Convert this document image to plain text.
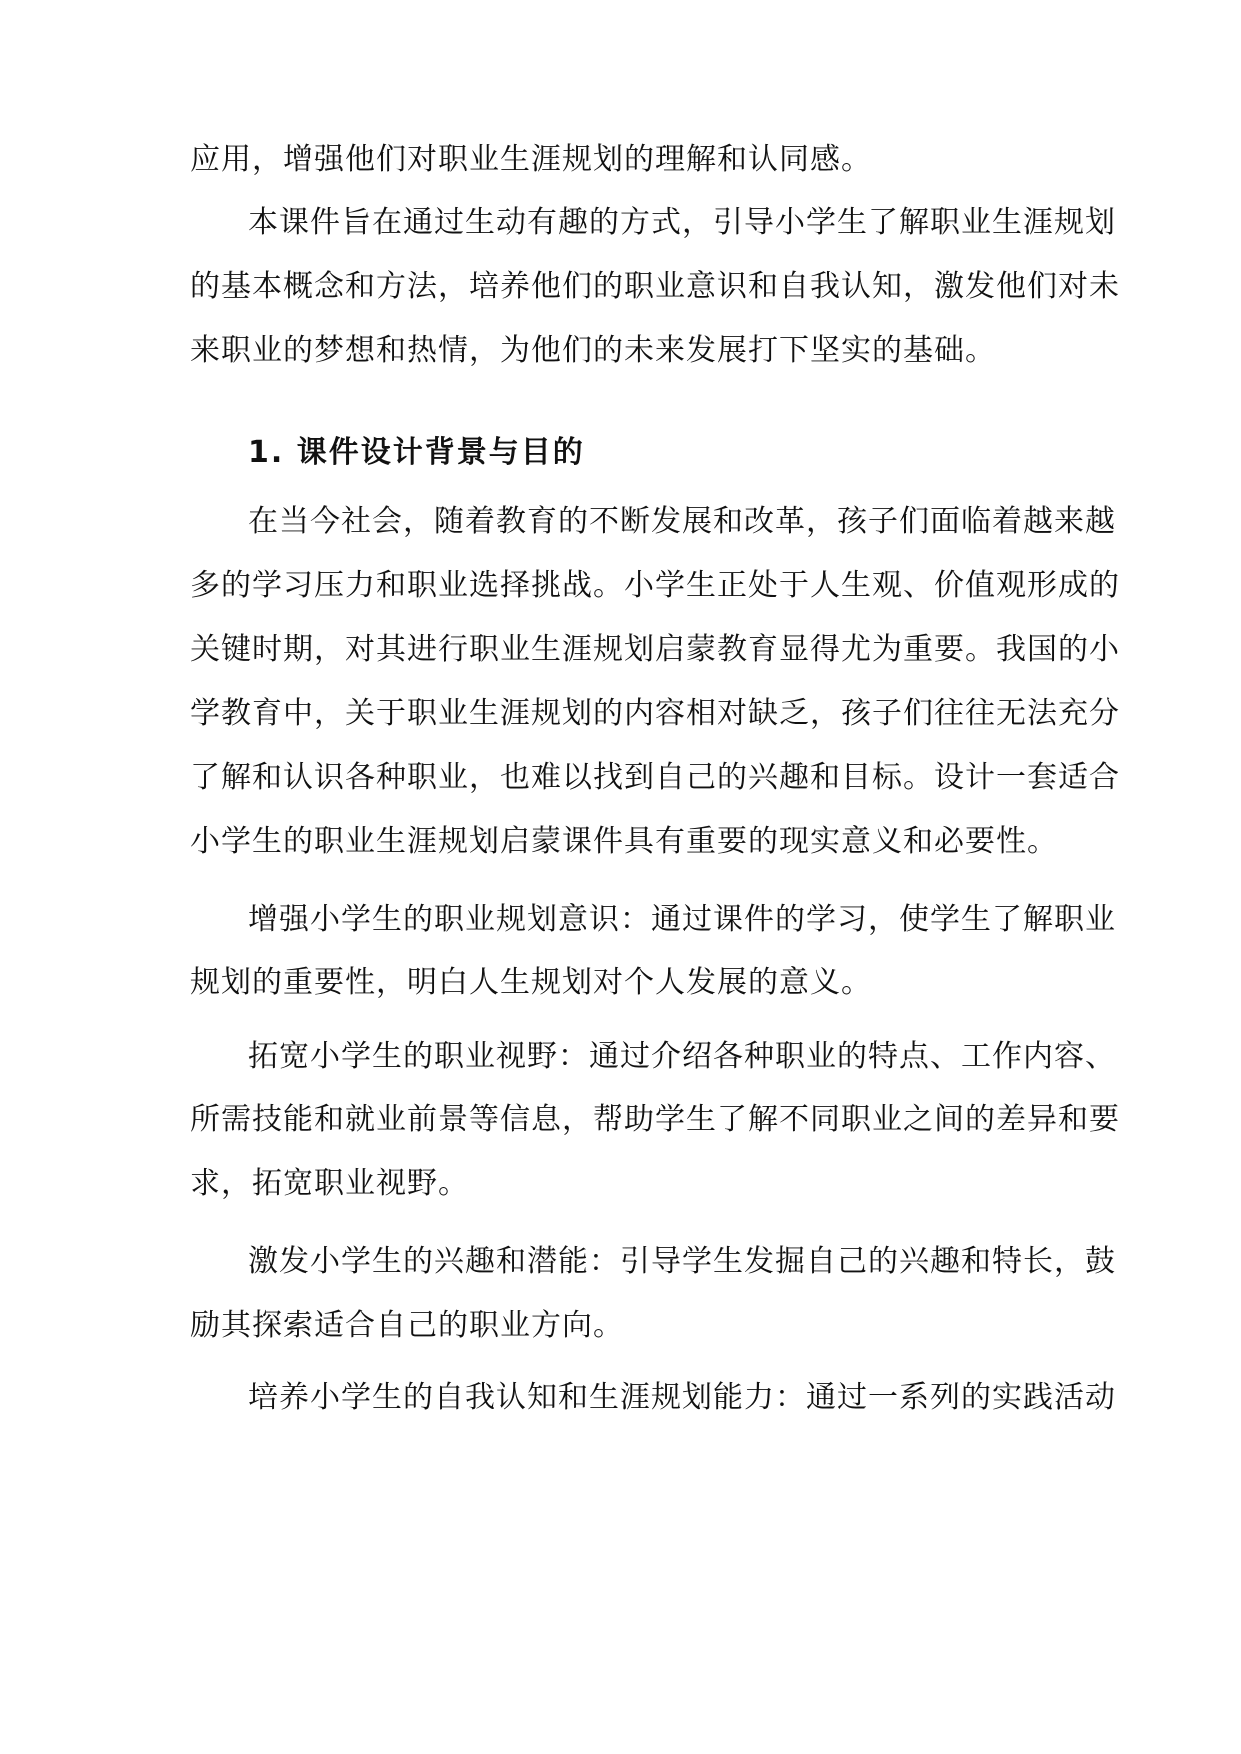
应用，增强他们对职业生涯规划的理解和认同感。
本课件旨在通过生动有趣的方式，引导小学生了解职业生涯规划
的基本概念和方法，培养他们的职业意识和自我认知，激发他们对未
来职业的梦想和热情，为他们的未来发展打下坚实的基础。
1. 课件设计背景与目的
在当今社会，随着教育的不断发展和改革，孩子们面临着越来越
多的学习压力和职业选择挑战。小学生正处于人生观、价值观形成的
关键时期，对其进行职业生涯规划启蒙教育显得尤为重要。我国的小
学教育中，关于职业生涯规划的内容相对缺乏，孩子们往往无法充分
了解和认识各种职业，也难以找到自己的兴趣和目标。设计一套适合
小学生的职业生涯规划启蒙课件具有重要的现实意义和必要性。
增强小学生的职业规划意识：通过课件的学习，使学生了解职业
规划的重要性，明白人生规划对个人发展的意义。
拓宽小学生的职业视野：通过介绍各种职业的特点、工作内容、
所需技能和就业前景等信息，帮助学生了解不同职业之间的差异和要
求，拓宽职业视野。
激发小学生的兴趣和潜能：引导学生发掘自己的兴趣和特长，鼓
励其探索适合自己的职业方向。
培养小学生的自我认知和生涯规划能力：通过一系列的实践活动
